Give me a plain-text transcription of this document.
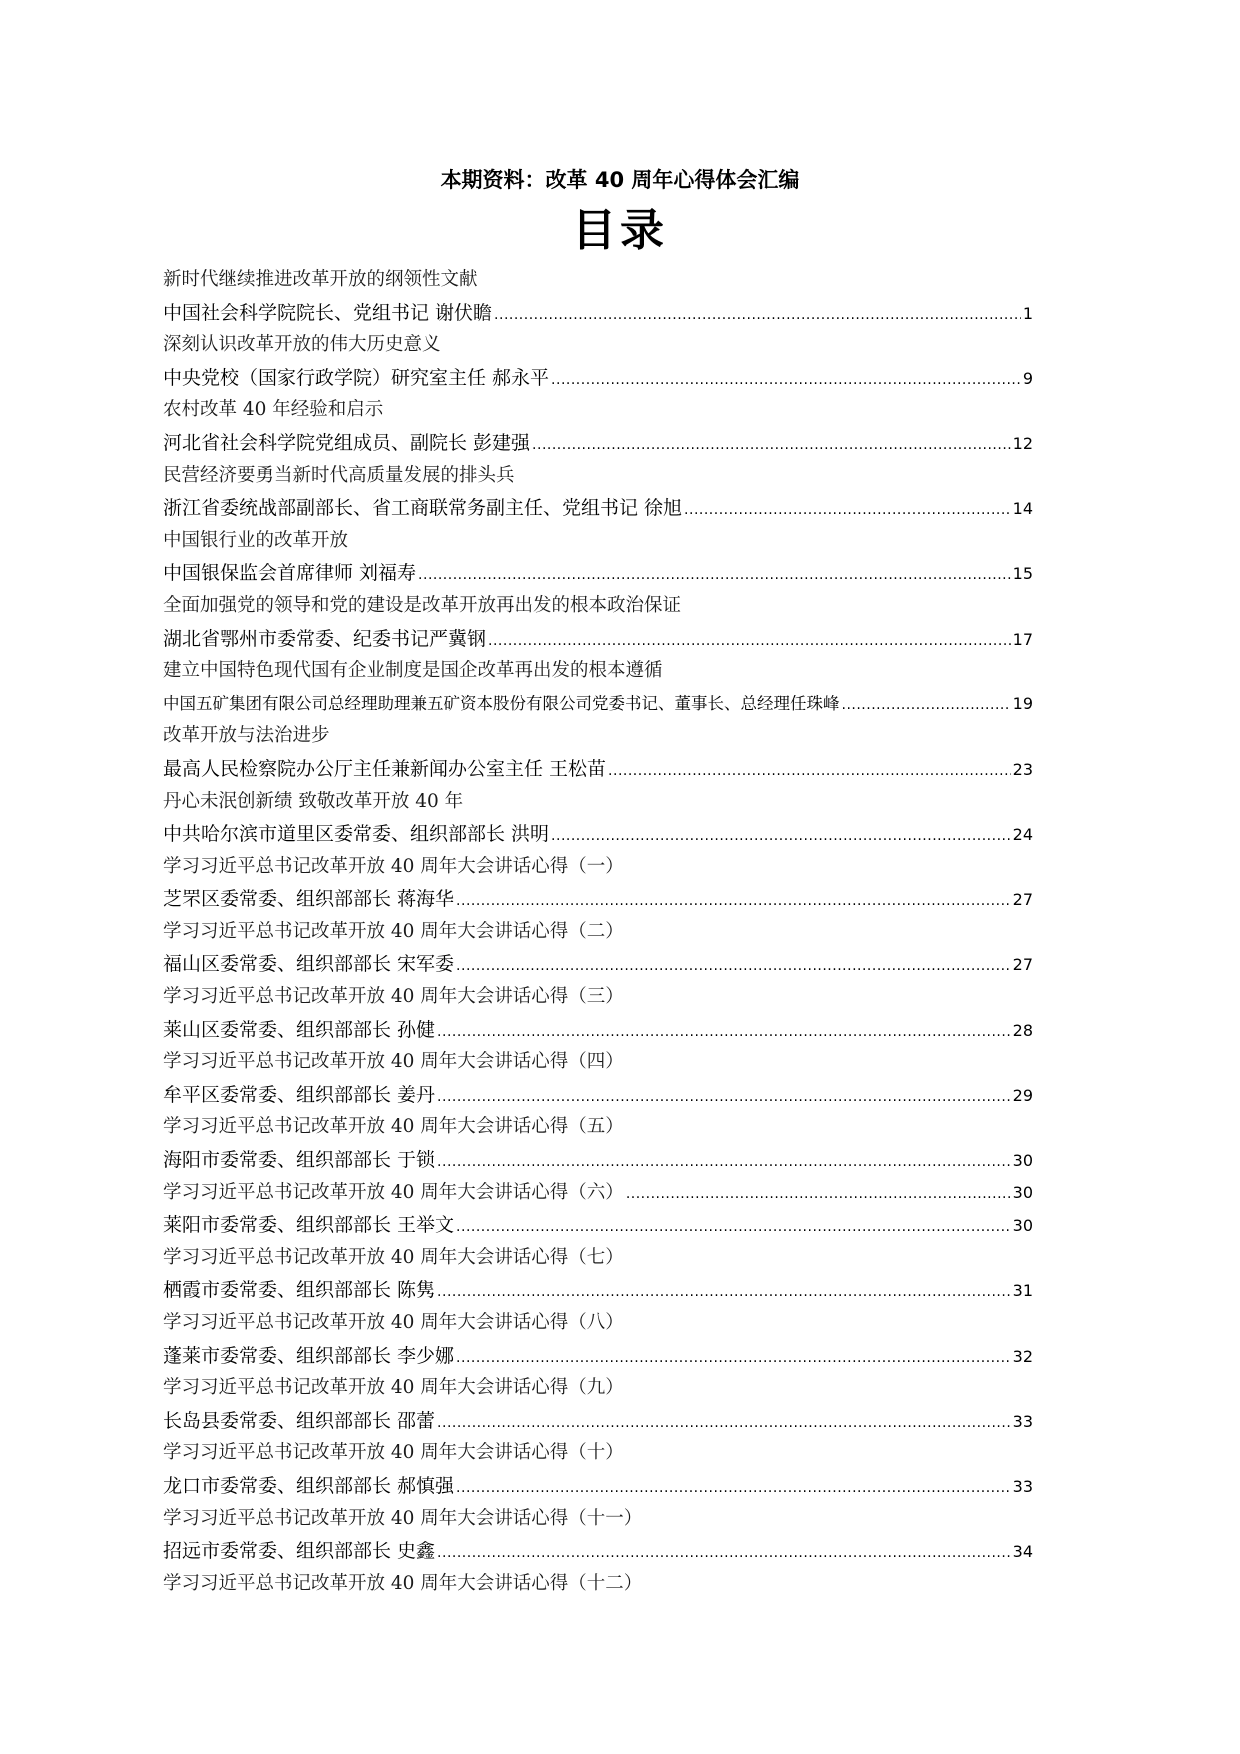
本期资料：改革 40 周年心得体会汇编
目录
新时代继续推进改革开放的纲领性文献
中国社会科学院院长、党组书记 谢伏瞻 .....	1
深刻认识改革开放的伟大历史意义
中央党校（国家行政学院）研究室主任 郝永平 .....	9
农村改革 40 年经验和启示
河北省社会科学院党组成员、副院长 彭建强 .....	12
民营经济要勇当新时代高质量发展的排头兵
浙江省委统战部副部长、省工商联常务副主任、党组书记 徐旭 .....	14
中国银行业的改革开放
中国银保监会首席律师 刘福寿 .....	15
全面加强党的领导和党的建设是改革开放再出发的根本政治保证
湖北省鄂州市委常委、纪委书记严冀钢 .....	17
建立中国特色现代国有企业制度是国企改革再出发的根本遵循
中国五矿集团有限公司总经理助理兼五矿资本股份有限公司党委书记、董事长、总经理任珠峰 .....	19
改革开放与法治进步
最高人民检察院办公厅主任兼新闻办公室主任 王松苗 .....	23
丹心未泯创新绩 致敬改革开放 40 年
中共哈尔滨市道里区委常委、组织部部长 洪明 .....	24
学习习近平总书记改革开放 40 周年大会讲话心得（一）
芝罘区委常委、组织部部长 蒋海华 .....	27
学习习近平总书记改革开放 40 周年大会讲话心得（二）
福山区委常委、组织部部长 宋军委 .....	27
学习习近平总书记改革开放 40 周年大会讲话心得（三）
莱山区委常委、组织部部长 孙健 .....	28
学习习近平总书记改革开放 40 周年大会讲话心得（四）
牟平区委常委、组织部部长 姜丹 .....	29
学习习近平总书记改革开放 40 周年大会讲话心得（五）
海阳市委常委、组织部部长 于锁 .....	30
学习习近平总书记改革开放 40 周年大会讲话心得（六） .....	30
莱阳市委常委、组织部部长 王举文 .....	30
学习习近平总书记改革开放 40 周年大会讲话心得（七）
栖霞市委常委、组织部部长 陈隽 .....	31
学习习近平总书记改革开放 40 周年大会讲话心得（八）
蓬莱市委常委、组织部部长 李少娜 .....	32
学习习近平总书记改革开放 40 周年大会讲话心得（九）
长岛县委常委、组织部部长 邵蕾 .....	33
学习习近平总书记改革开放 40 周年大会讲话心得（十）
龙口市委常委、组织部部长 郝慎强 .....	33
学习习近平总书记改革开放 40 周年大会讲话心得（十一）
招远市委常委、组织部部长 史鑫 .....	34
学习习近平总书记改革开放 40 周年大会讲话心得（十二）
